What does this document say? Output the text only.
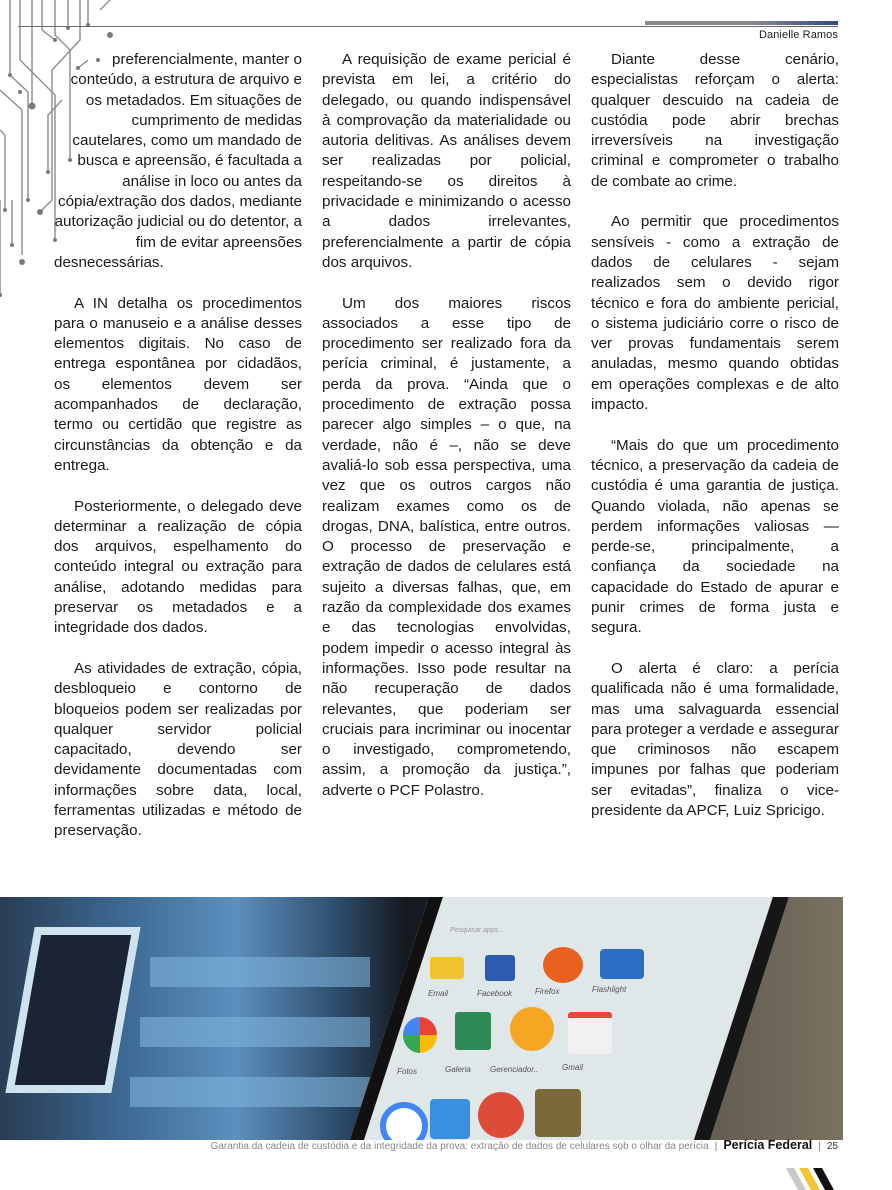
Danielle Ramos

preferencialmente, manter o conteúdo, a estrutura de arquivo e os metadados. Em situações de cumprimento de medidas cautelares, como um mandado de busca e apreensão, é facultada a análise in loco ou antes da cópia/extração dos dados, mediante autorização judicial ou do detentor, a fim de evitar apreensões desnecessárias.

A IN detalha os procedimentos para o manuseio e a análise desses elementos digitais. No caso de entrega espontânea por cidadãos, os elementos devem ser acompanhados de declaração, termo ou certidão que registre as circunstâncias da obtenção e da entrega.

Posteriormente, o delegado deve determinar a realização de cópia dos arquivos, espelhamento do conteúdo integral ou extração para análise, adotando medidas para preservar os metadados e a integridade dos dados.

As atividades de extração, cópia, desbloqueio e contorno de bloqueios podem ser realizadas por qualquer servidor policial capacitado, devendo ser devidamente documentadas com informações sobre data, local, ferramentas utilizadas e método de preservação.

A requisição de exame pericial é prevista em lei, a critério do delegado, ou quando indispensável à comprovação da materialidade ou autoria delitivas. As análises devem ser realizadas por policial, respeitando-se os direitos à privacidade e minimizando o acesso a dados irrelevantes, preferencialmente a partir de cópia dos arquivos.

Um dos maiores riscos associados a esse tipo de procedimento ser realizado fora da perícia criminal, é justamente, a perda da prova. “Ainda que o procedimento de extração possa parecer algo simples – o que, na verdade, não é –, não se deve avaliá-lo sob essa perspectiva, uma vez que os outros cargos não realizam exames como os de drogas, DNA, balística, entre outros. O processo de preservação e extração de dados de celulares está sujeito a diversas falhas, que, em razão da complexidade dos exames e das tecnologias envolvidas, podem impedir o acesso integral às informações. Isso pode resultar na não recuperação de dados relevantes, que poderiam ser cruciais para incriminar ou inocentar o investigado, comprometendo, assim, a promoção da justiça.”, adverte o PCF Polastro.

Diante desse cenário, especialistas reforçam o alerta: qualquer descuido na cadeia de custódia pode abrir brechas irreversíveis na investigação criminal e comprometer o trabalho de combate ao crime.

Ao permitir que procedimentos sensíveis - como a extração de dados de celulares - sejam realizados sem o devido rigor técnico e fora do ambiente pericial, o sistema judiciário corre o risco de ver provas fundamentais serem anuladas, mesmo quando obtidas em operações complexas e de alto impacto.

“Mais do que um procedimento técnico, a preservação da cadeia de custódia é uma garantia de justiça. Quando violada, não apenas se perdem informações valiosas — perde-se, principalmente, a confiança da sociedade na capacidade do Estado de apurar e punir crimes de forma justa e segura.

O alerta é claro: a perícia qualificada não é uma formalidade, mas uma salvaguarda essencial para proteger a verdade e assegurar que criminosos não escapem impunes por falhas que poderiam ser evitadas”, finaliza o vice-presidente da APCF, Luiz Spricigo.

Pesquisar apps...
Email	Facebook	Firefox	Flashlight
Fotos	Galeria Gerenciador..	Gmail
Garantia da cadeia de custódia e da integridade da prova: extração de dados de celulares sob o olhar da perícia | Perícia Federal | 25
